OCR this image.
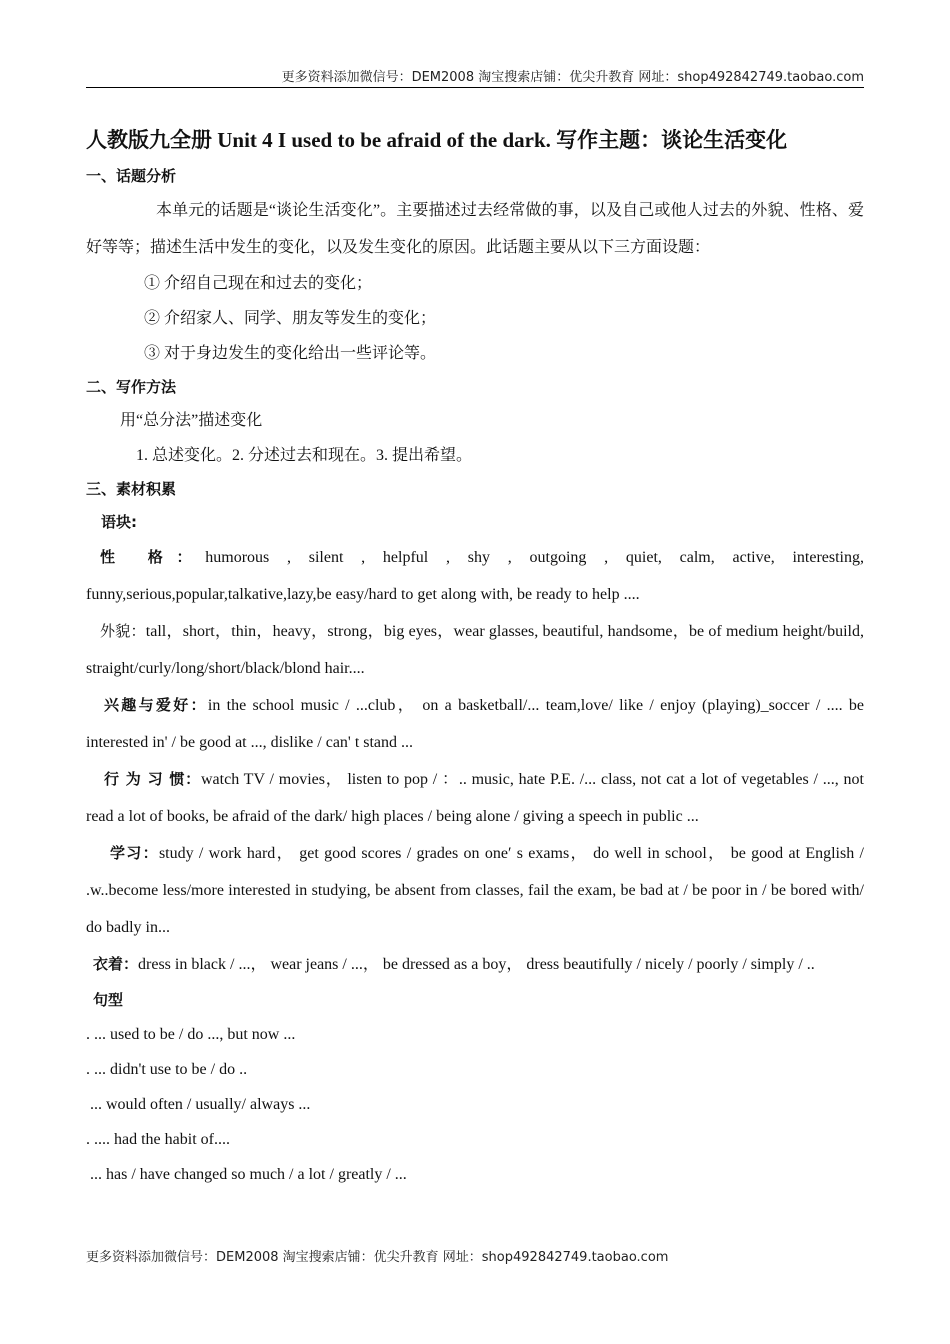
更多资料添加微信号：DEM2008 淘宝搜索店铺：优尖升教育 网址：shop492842749.taobao.com
人教版九全册 Unit 4 I used to be afraid of the dark. 写作主题：谈论生活变化
一、话题分析
本单元的话题是“谈论生活变化”。主要描述过去经常做的事，以及自己或他人过去的外貌、性格、爱好等等；描述生活中发生的变化，以及发生变化的原因。此话题主要从以下三方面设题：
① 介绍自己现在和过去的变化；
② 介绍家人、同学、朋友等发生的变化；
③ 对于身边发生的变化给出一些评论等。
二、写作方法
用“总分法”描述变化
1. 总述变化。2. 分述过去和现在。3. 提出希望。
三、素材积累
语块:
性 格：humorous , silent , helpful , shy , outgoing , quiet, calm, active, interesting, funny,serious,popular,talkative,lazy,be easy/hard to get along with, be ready to help ....
外貌：tall，short，thin，heavy，strong，big eyes，wear glasses, beautiful, handsome，be of medium height/build, straight/curly/long/short/black/blond hair....
兴趣与爱好：in the school music / ...club， on a basketball/... team,love/ like / enjoy (playing)_soccer / .... be interested in' / be good at ..., dislike / can' t stand ...
行 为 习 惯：watch TV / movies， listen to pop / ：.. music, hate P.E. /... class, not cat a lot of vegetables / ..., not read a lot of books, be afraid of the dark/ high places / being alone / giving a speech in public ...
学习：study / work hard， get good scores / grades on one′ s exams， do well in school， be good at English / .w..become less/more interested in studying, be absent from classes, fail the exam, be bad at / be poor in / be bored with/ do badly in...
衣着：dress in black / ...， wear jeans / ...， be dressed as a boy， dress beautifully / nicely / poorly / simply / ..
句型
. ... used to be / do ..., but now ...
. ... didn't use to be / do ..
... would often / usually/ always ...
. .... had the habit of....
... has / have changed so much / a lot / greatly / ...
更多资料添加微信号：DEM2008 淘宝搜索店铺：优尖升教育 网址：shop492842749.taobao.com
